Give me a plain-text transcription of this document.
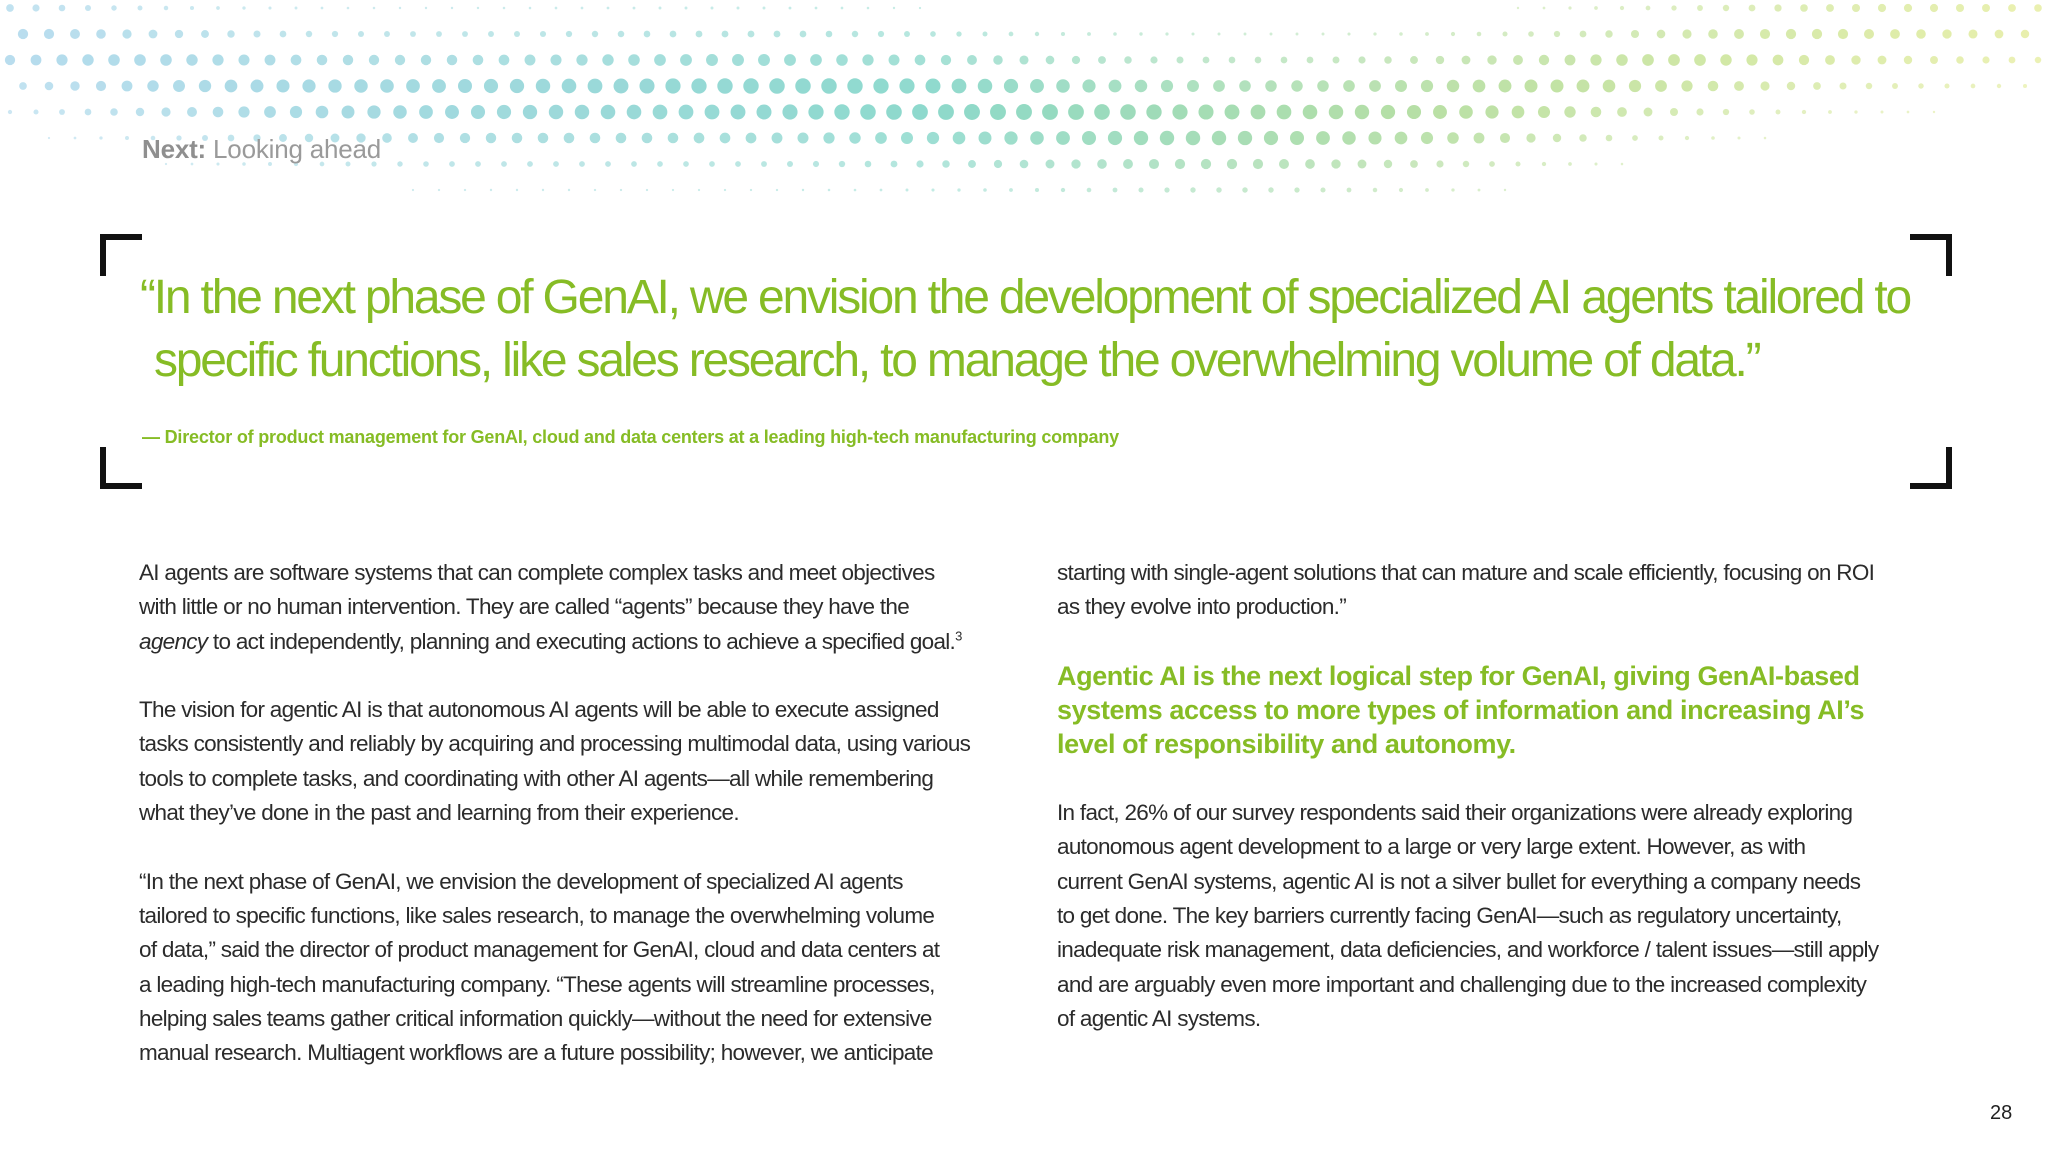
Next: Looking ahead
“In the next phase of GenAI, we envision the development of specialized AI agents tailored to
specific functions, like sales research, to manage the overwhelming volume of data.”
— Director of product management for GenAI, cloud and data centers at a leading high-tech manufacturing company

AI agents are software systems that can complete complex tasks and meet objectives
with little or no human intervention. They are called “agents” because they have the
agency to act independently, planning and executing actions to achieve a specified goal.$^3$

The vision for agentic AI is that autonomous AI agents will be able to execute assigned
tasks consistently and reliably by acquiring and processing multimodal data, using various
tools to complete tasks, and coordinating with other AI agents—all while remembering
what they’ve done in the past and learning from their experience.

“In the next phase of GenAI, we envision the development of specialized AI agents
tailored to specific functions, like sales research, to manage the overwhelming volume
of data,” said the director of product management for GenAI, cloud and data centers at
a leading high-tech manufacturing company. “These agents will streamline processes,
helping sales teams gather critical information quickly—without the need for extensive
manual research. Multiagent workflows are a future possibility; however, we anticipate

starting with single-agent solutions that can mature and scale efficiently, focusing on ROI
as they evolve into production.”

Agentic AI is the next logical step for GenAI, giving GenAI-based
systems access to more types of information and increasing AI’s
level of responsibility and autonomy.

In fact, 26% of our survey respondents said their organizations were already exploring
autonomous agent development to a large or very large extent. However, as with
current GenAI systems, agentic AI is not a silver bullet for everything a company needs
to get done. The key barriers currently facing GenAI—such as regulatory uncertainty,
inadequate risk management, data deficiencies, and workforce / talent issues—still apply
and are arguably even more important and challenging due to the increased complexity
of agentic AI systems.

28
